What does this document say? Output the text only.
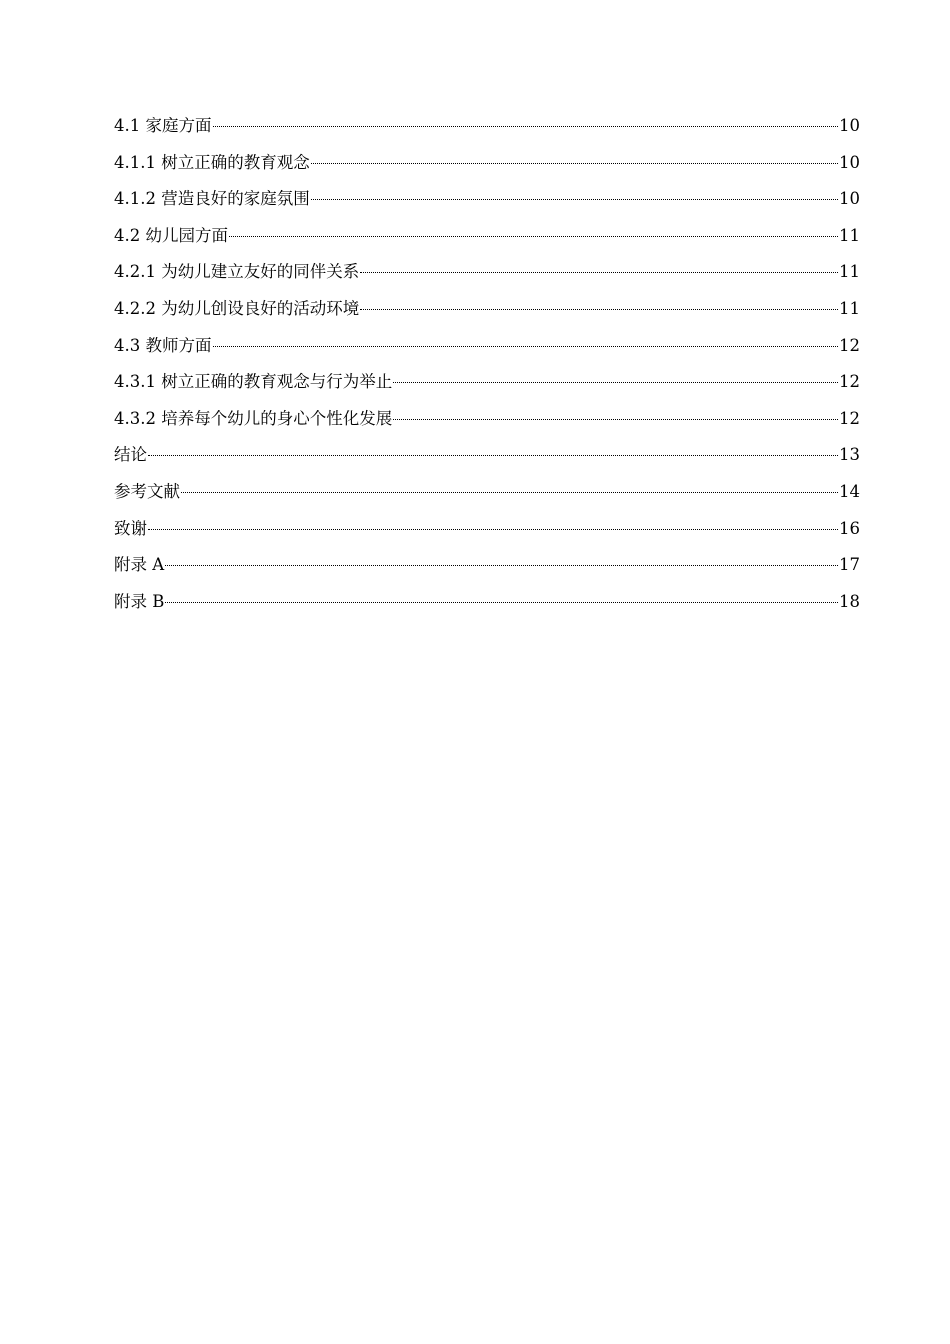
4.1 家庭方面	10
4.1.1 树立正确的教育观念	10
4.1.2 营造良好的家庭氛围	10
4.2 幼儿园方面	11
4.2.1 为幼儿建立友好的同伴关系	11
4.2.2 为幼儿创设良好的活动环境	11
4.3 教师方面	12
4.3.1 树立正确的教育观念与行为举止	12
4.3.2 培养每个幼儿的身心个性化发展	12
结论	13
参考文献	14
致谢	16
附录 A	17
附录 B	18
